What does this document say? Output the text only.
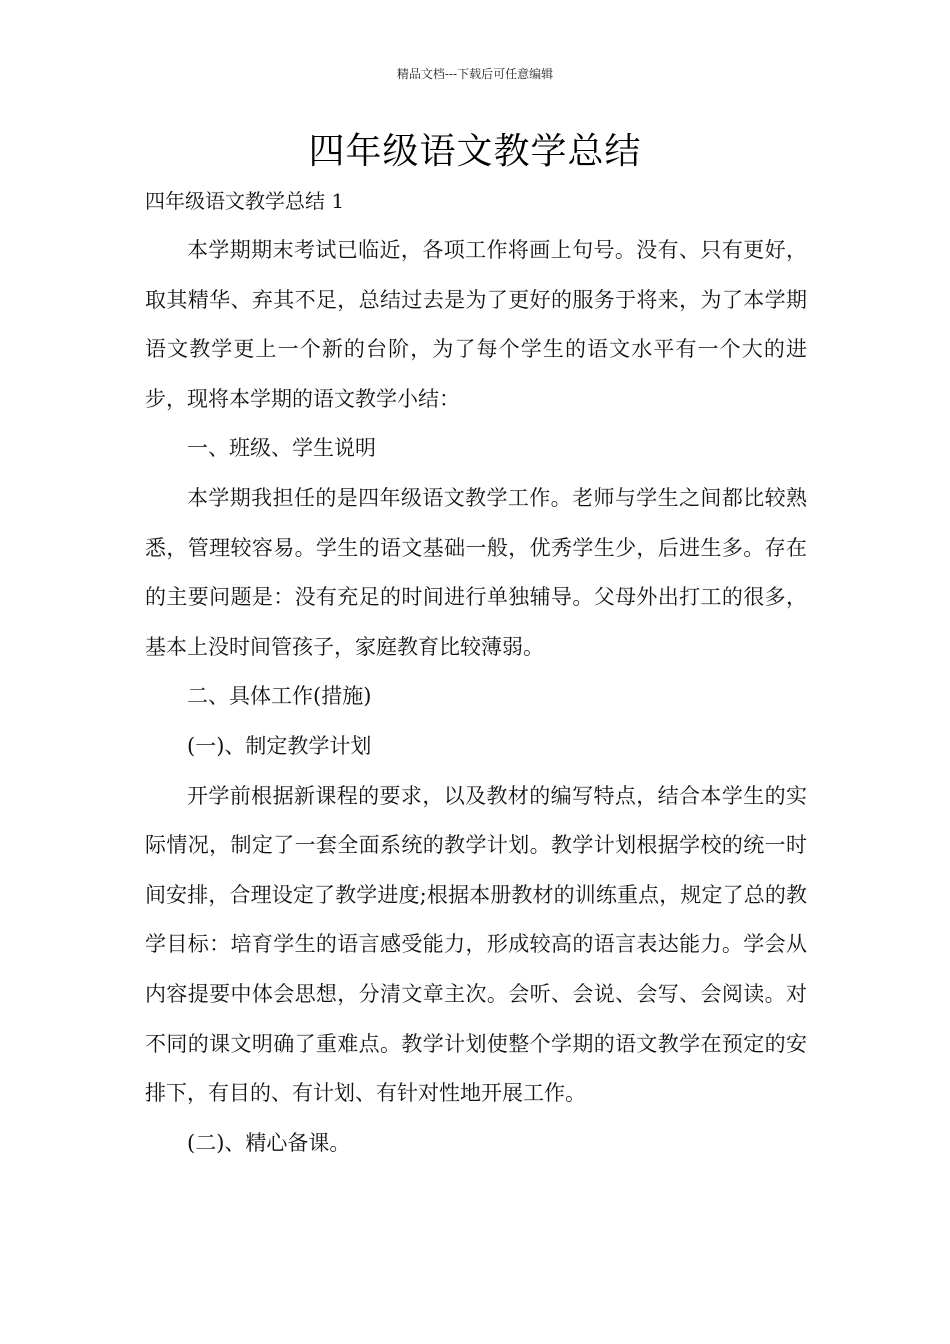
精品文档---下载后可任意编辑
四年级语文教学总结
四年级语文教学总结 1

本学期期末考试已临近，各项工作将画上句号。没有、只有更好，取其精华、弃其不足，总结过去是为了更好的服务于将来，为了本学期语文教学更上一个新的台阶，为了每个学生的语文水平有一个大的进步，现将本学期的语文教学小结：

一、班级、学生说明

本学期我担任的是四年级语文教学工作。老师与学生之间都比较熟悉，管理较容易。学生的语文基础一般，优秀学生少，后进生多。存在的主要问题是：没有充足的时间进行单独辅导。父母外出打工的很多，基本上没时间管孩子，家庭教育比较薄弱。

二、具体工作(措施)

(一)、制定教学计划

开学前根据新课程的要求，以及教材的编写特点，结合本学生的实际情况，制定了一套全面系统的教学计划。教学计划根据学校的统一时间安排，合理设定了教学进度;根据本册教材的训练重点，规定了总的教学目标：培育学生的语言感受能力，形成较高的语言表达能力。学会从内容提要中体会思想，分清文章主次。会听、会说、会写、会阅读。对不同的课文明确了重难点。教学计划使整个学期的语文教学在预定的安排下，有目的、有计划、有针对性地开展工作。

(二)、精心备课。
